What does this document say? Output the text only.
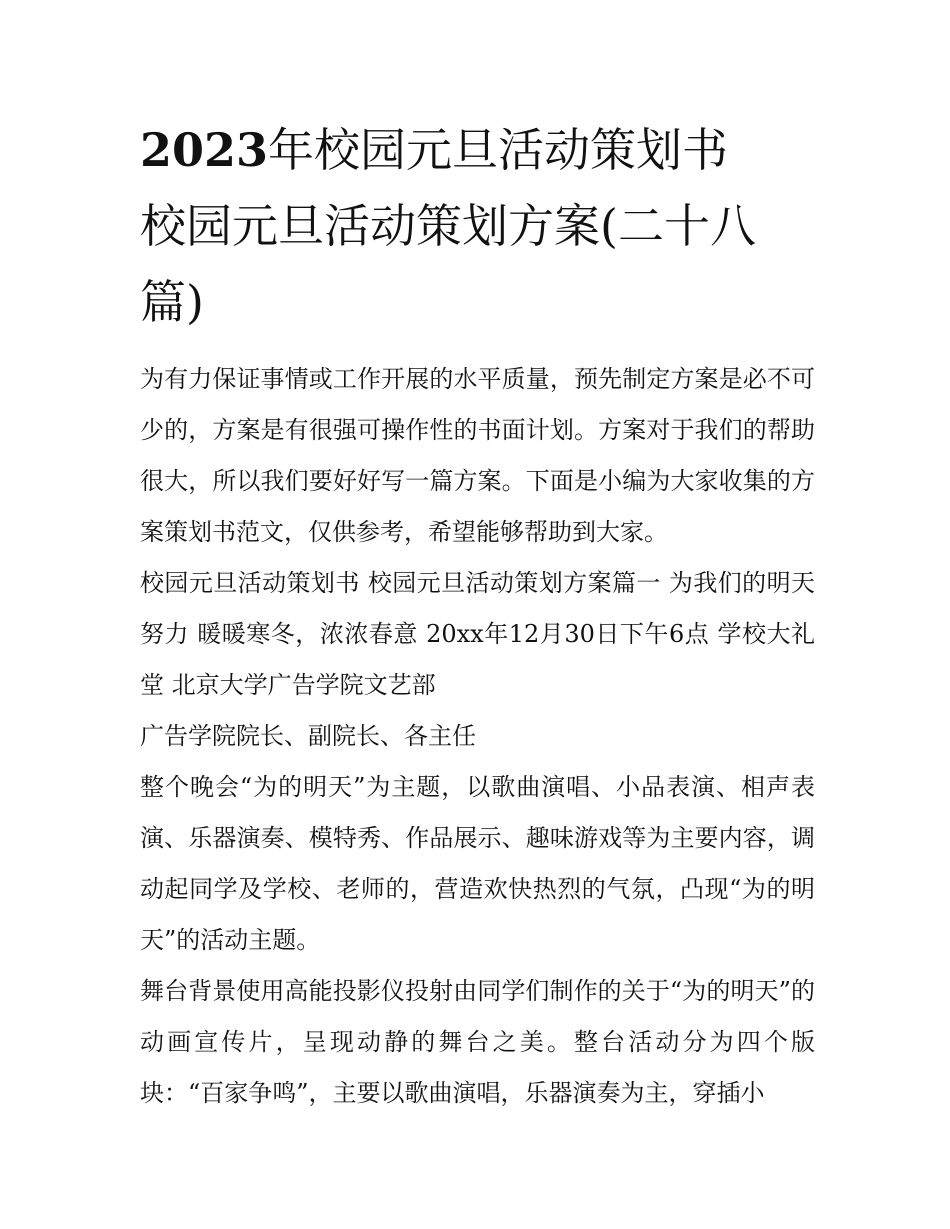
2023年校园元旦活动策划书
校园元旦活动策划方案(二十八篇)

为有力保证事情或工作开展的水平质量，预先制定方案是必不可少的，方案是有很强可操作性的书面计划。方案对于我们的帮助很大，所以我们要好好写一篇方案。下面是小编为大家收集的方案策划书范文，仅供参考，希望能够帮助到大家。

校园元旦活动策划书 校园元旦活动策划方案篇一 为我们的明天努力 暖暖寒冬，浓浓春意 20xx年12月30日下午6点 学校大礼堂 北京大学广告学院文艺部

广告学院院长、副院长、各主任

整个晚会“为的明天”为主题，以歌曲演唱、小品表演、相声表演、乐器演奏、模特秀、作品展示、趣味游戏等为主要内容，调动起同学及学校、老师的，营造欢快热烈的气氛，凸现“为的明天”的活动主题。

舞台背景使用高能投影仪投射由同学们制作的关于“为的明天”的动画宣传片，呈现动静的舞台之美。整台活动分为四个版块：“百家争鸣”，主要以歌曲演唱，乐器演奏为主，穿插小
